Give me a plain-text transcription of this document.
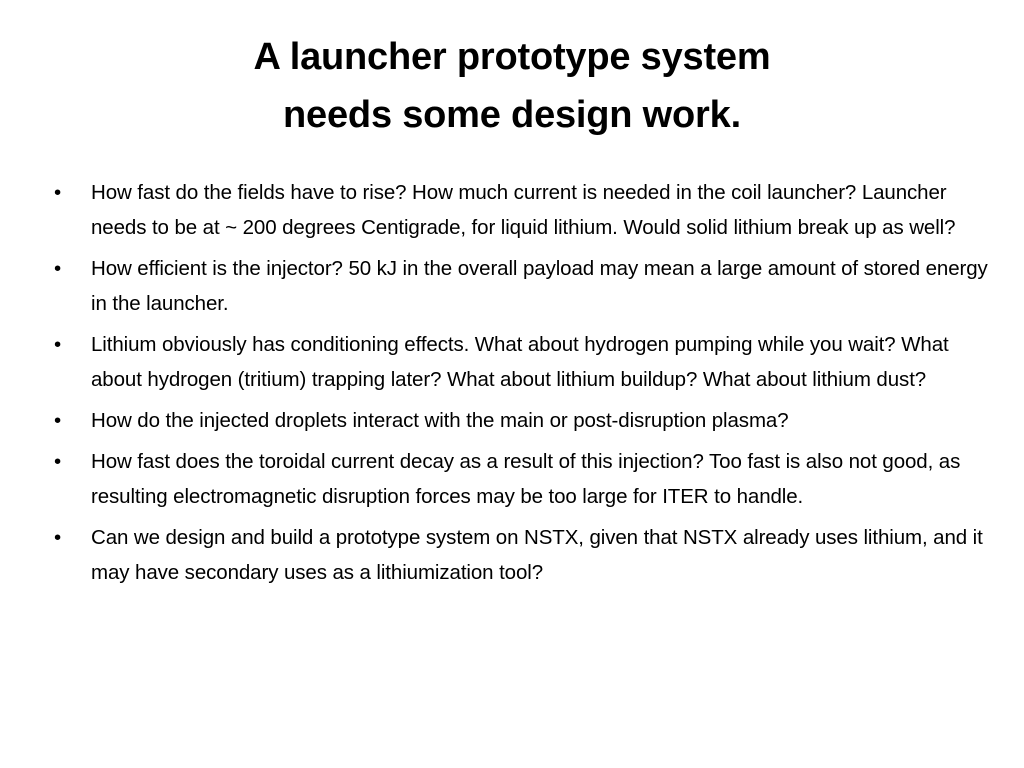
A launcher prototype system
needs some design work.
•	How fast do the fields have to rise? How much current is needed in the coil launcher? Launcher needs to be at ~ 200 degrees Centigrade, for liquid lithium. Would solid lithium break up as well?
•	How efficient is the injector? 50 kJ in the overall payload may mean a large amount of stored energy in the launcher.
•	Lithium obviously has conditioning effects. What about hydrogen pumping while you wait? What about hydrogen (tritium) trapping later? What about lithium buildup? What about lithium dust?
•	How do the injected droplets interact with the main or post-disruption plasma?
•	How fast does the toroidal current decay as a result of this injection? Too fast is also not good, as resulting electromagnetic disruption forces may be too large for ITER to handle.
•	Can we design and build a prototype system on NSTX, given that NSTX already uses lithium, and it may have secondary uses as a lithiumization tool?
